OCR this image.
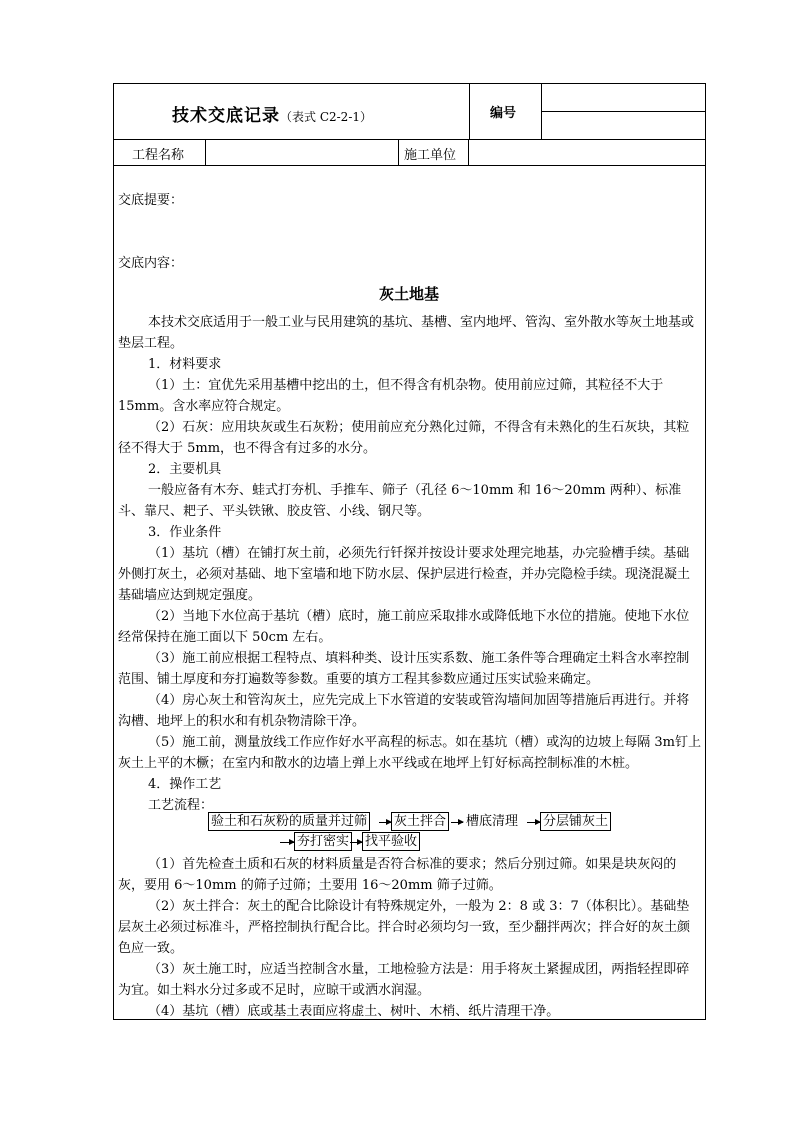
技术交底记录（表式 C2-2-1）	编号
工程名称	施工单位
交底提要：
交底内容：
灰土地基
本技术交底适用于一般工业与民用建筑的基坑、基槽、室内地坪、管沟、室外散水等灰土地基或垫层工程。
1．材料要求
（1）土：宜优先采用基槽中挖出的土，但不得含有机杂物。使用前应过筛，其粒径不大于15mm。含水率应符合规定。
（2）石灰：应用块灰或生石灰粉；使用前应充分熟化过筛，不得含有未熟化的生石灰块，其粒径不得大于 5mm，也不得含有过多的水分。
2．主要机具
一般应备有木夯、蛙式打夯机、手推车、筛子（孔径 6～10mm 和 16～20mm 两种）、标准斗、靠尺、耙子、平头铁锹、胶皮管、小线、钢尺等。
3．作业条件
（1）基坑（槽）在铺打灰土前，必须先行钎探并按设计要求处理完地基，办完验槽手续。基础外侧打灰土，必须对基础、地下室墙和地下防水层、保护层进行检查，并办完隐检手续。现浇混凝土基础墙应达到规定强度。
（2）当地下水位高于基坑（槽）底时，施工前应采取排水或降低地下水位的措施。使地下水位经常保持在施工面以下 50cm 左右。
（3）施工前应根据工程特点、填料种类、设计压实系数、施工条件等合理确定土料含水率控制范围、铺土厚度和夯打遍数等参数。重要的填方工程其参数应通过压实试验来确定。
（4）房心灰土和管沟灰土，应先完成上下水管道的安装或管沟墙间加固等措施后再进行。并将沟槽、地坪上的积水和有机杂物清除干净。
（5）施工前，测量放线工作应作好水平高程的标志。如在基坑（槽）或沟的边坡上每隔 3m钉上灰土上平的木橛；在室内和散水的边墙上弹上水平线或在地坪上钉好标高控制标准的木桩。
4．操作工艺
工艺流程：
验土和石灰粉的质量并过筛 灰土拌合 槽底清理 分层铺灰土
夯打密实 找平验收
（1）首先检查土质和石灰的材料质量是否符合标准的要求；然后分别过筛。如果是块灰闷的灰，要用 6～10mm 的筛子过筛；土要用 16～20mm 筛子过筛。
（2）灰土拌合：灰土的配合比除设计有特殊规定外，一般为 2：8 或 3：7（体积比）。基础垫层灰土必须过标准斗，严格控制执行配合比。拌合时必须均匀一致，至少翻拌两次；拌合好的灰土颜色应一致。
（3）灰土施工时，应适当控制含水量，工地检验方法是：用手将灰土紧握成团，两指轻捏即碎为宜。如土料水分过多或不足时，应晾干或洒水润湿。
（4）基坑（槽）底或基土表面应将虚土、树叶、木梢、纸片清理干净。
